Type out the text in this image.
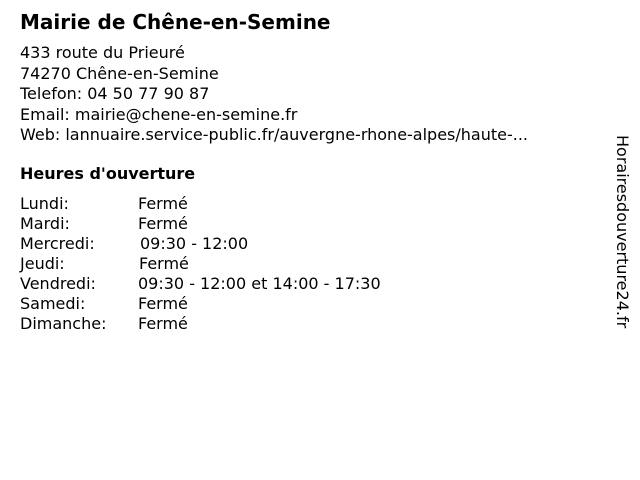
Mairie de Chêne-en-Semine
433 route du Prieuré
74270 Chêne-en-Semine
Telefon: 04 50 77 90 87
Email: mairie@chene-en-semine.fr
Web: lannuaire.service-public.fr/auvergne-rhone-alpes/haute-...
Heures d'ouverture
Lundi:	Fermé
Mardi:	Fermé
Mercredi:	09:30 - 12:00
Jeudi:	Fermé
Vendredi:	09:30 - 12:00 et 14:00 - 17:30
Samedi:	Fermé
Dimanche: Fermé	Horairesdouverture24.fr
